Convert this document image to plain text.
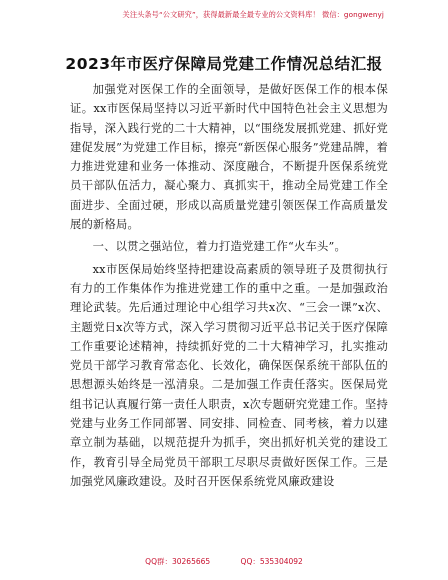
关注头条号“公文研究”，获得最新最全最专业的公文资料库！ 微信：gongwenyj
2023年市医疗保障局党建工作情况总结汇报

加强党对医保工作的全面领导，是做好医保工作的根本保证。xx市医保局坚持以习近平新时代中国特色社会主义思想为指导，深入践行党的二十大精神，以“围绕发展抓党建、抓好党建促发展”为党建工作目标，擦亮“新医保心服务”党建品牌，着力推进党建和业务一体推动、深度融合，不断提升医保系统党员干部队伍活力，凝心聚力、真抓实干，推动全局党建工作全面进步、全面过硬，形成以高质量党建引领医保工作高质量发展的新格局。

一、以贯之强站位，着力打造党建工作“火车头”。

xx市医保局始终坚持把建设高素质的领导班子及贯彻执行有力的工作集体作为推进党建工作的重中之重。一是加强政治理论武装。先后通过理论中心组学习共x次、“三会一课”x次、主题党日x次等方式，深入学习贯彻习近平总书记关于医疗保障工作重要论述精神，持续抓好党的二十大精神学习，扎实推动党员干部学习教育常态化、长效化，确保医保系统干部队伍的思想源头始终是一泓清泉。二是加强工作责任落实。医保局党组书记认真履行第一责任人职责，x次专题研究党建工作。坚持党建与业务工作同部署、同安排、同检查、同考核，着力以建章立制为基础，以规范提升为抓手，突出抓好机关党的建设工作，教育引导全局党员干部职工尽职尽责做好医保工作。三是加强党风廉政建设。及时召开医保系统党风廉政建设

QQ群：30265665	QQ：535304092
